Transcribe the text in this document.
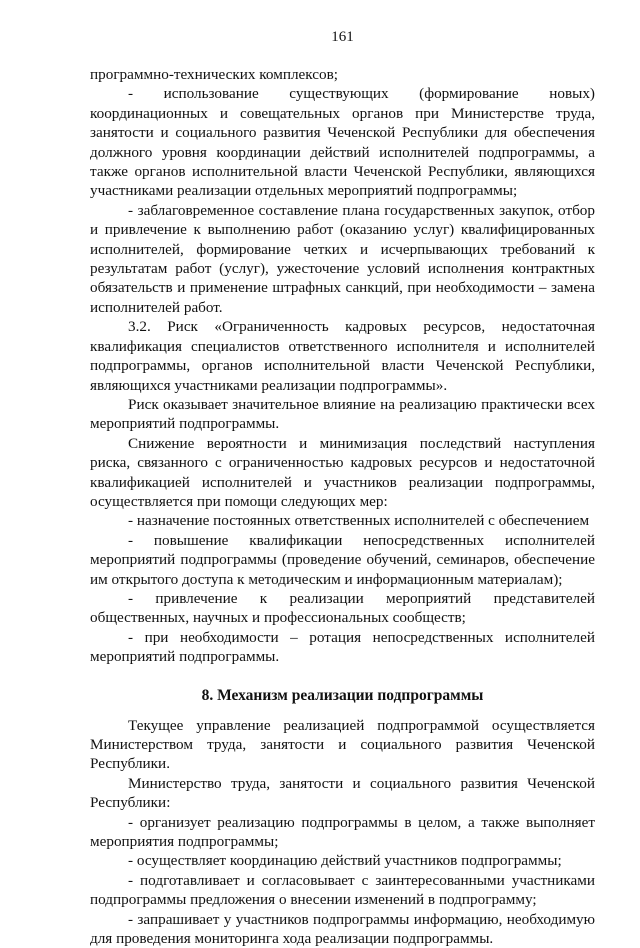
161

программно-технических комплексов;

- использование существующих (формирование новых) координационных и совещательных органов при Министерстве труда, занятости и социального развития Чеченской Республики для обеспечения должного уровня координации действий исполнителей подпрограммы, а также органов исполнительной власти Чеченской Республики, являющихся участниками реализации отдельных мероприятий подпрограммы;

- заблаговременное составление плана государственных закупок, отбор и привлечение к выполнению работ (оказанию услуг) квалифицированных исполнителей, формирование четких и исчерпывающих требований к результатам работ (услуг), ужесточение условий исполнения контрактных обязательств и применение штрафных санкций, при необходимости – замена исполнителей работ.

3.2. Риск «Ограниченность кадровых ресурсов, недостаточная квалификация специалистов ответственного исполнителя и исполнителей подпрограммы, органов исполнительной власти Чеченской Республики, являющихся участниками реализации подпрограммы».

Риск оказывает значительное влияние на реализацию практически всех мероприятий подпрограммы.

Снижение вероятности и минимизация последствий наступления риска, связанного с ограниченностью кадровых ресурсов и недостаточной квалификацией исполнителей и участников реализации подпрограммы, осуществляется при помощи следующих мер:

- назначение постоянных ответственных исполнителей с обеспечением

- повышение квалификации непосредственных исполнителей мероприятий подпрограммы (проведение обучений, семинаров, обеспечение им открытого доступа к методическим и информационным материалам);

- привлечение к реализации мероприятий представителей общественных, научных и профессиональных сообществ;

- при необходимости – ротация непосредственных исполнителей мероприятий подпрограммы.

8. Механизм реализации подпрограммы

Текущее управление реализацией подпрограммой осуществляется Министерством труда, занятости и социального развития Чеченской Республики.

Министерство труда, занятости и социального развития Чеченской Республики:

- организует реализацию подпрограммы в целом, а также выполняет мероприятия подпрограммы;

- осуществляет координацию действий участников подпрограммы;

- подготавливает и согласовывает с заинтересованными участниками подпрограммы предложения о внесении изменений в подпрограмму;

- запрашивает у участников подпрограммы информацию, необходимую для проведения мониторинга хода реализации подпрограммы.
